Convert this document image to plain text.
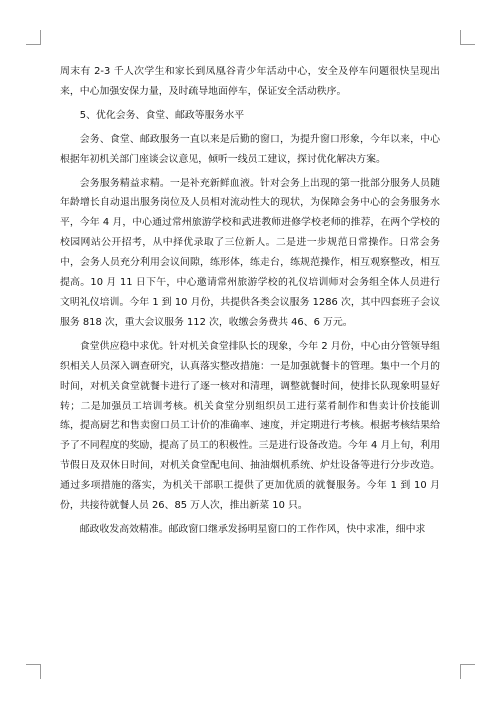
周末有 2-3 千人次学生和家长到凤凰谷青少年活动中心，安全及停车问题很快呈现出来，中心加强安保力量，及时疏导地面停车，保证安全活动秩序。

5、优化会务、食堂、邮政等服务水平

会务、食堂、邮政服务一直以来是后勤的窗口，为提升窗口形象，今年以来，中心根据年初机关部门座谈会议意见，倾听一线员工建议，探讨优化解决方案。

会务服务精益求精。一是补充新鲜血液。针对会务上出现的第一批部分服务人员随年龄增长自动退出服务岗位及人员相对流动性大的现状，为保障会务中心的会务服务水平，今年 4 月，中心通过常州旅游学校和武进教师进修学校老师的推荐，在两个学校的校园网站公开招考，从中择优录取了三位新人。二是进一步规范日常操作。日常会务中，会务人员充分利用会议间隙，练形体，练走台，练规范操作，相互观察整改，相互提高。10 月 11 日下午，中心邀请常州旅游学校的礼仪培训师对会务组全体人员进行文明礼仪培训。今年 1 到 10 月份，共提供各类会议服务 1286 次，其中四套班子会议服务 818 次，重大会议服务 112 次，收缴会务费共 46、6 万元。

食堂供应稳中求优。针对机关食堂排队长的现象，今年 2 月份，中心由分管领导组织相关人员深入调查研究，认真落实整改措施：一是加强就餐卡的管理。集中一个月的时间，对机关食堂就餐卡进行了逐一核对和清理，调整就餐时间，使排长队现象明显好转；二是加强员工培训考核。机关食堂分别组织员工进行菜肴制作和售卖计价技能训练，提高厨艺和售卖窗口员工计价的准确率、速度，并定期进行考核。根据考核结果给予了不同程度的奖励，提高了员工的积极性。三是进行设备改造。今年 4 月上旬，利用节假日及双休日时间，对机关食堂配电间、抽油烟机系统、炉灶设备等进行分步改造。通过多项措施的落实，为机关干部职工提供了更加优质的就餐服务。今年 1 到 10 月份，共接待就餐人员 26、85 万人次，推出新菜 10 只。

邮政收发高效精准。邮政窗口继承发扬明星窗口的工作作风，快中求准，细中求
